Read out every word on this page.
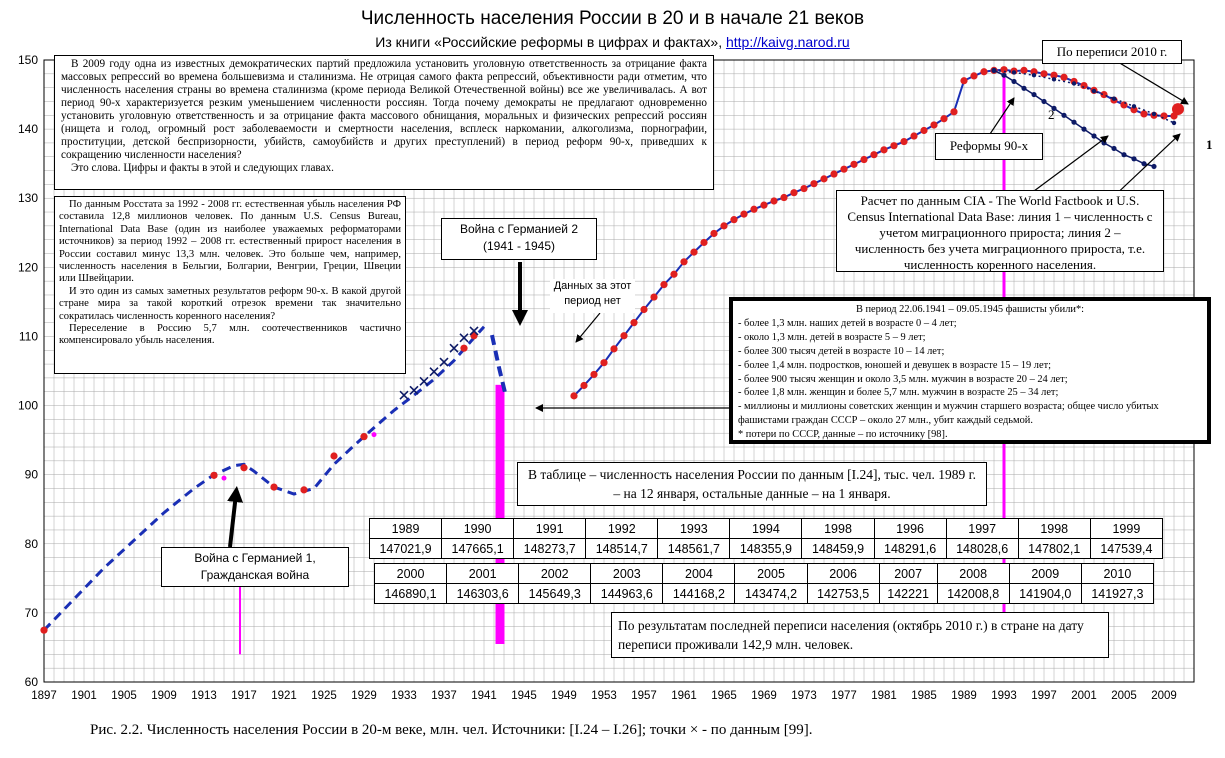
60
70
80
90
100
110
120
130
140
150
1897 1901 1905 1909 1913 1917 1921 1925 1929 1933 1937 1941 1945 1949 1953 1957 1961 1965 1969 1973 1977 1981 1985 1989 1993 1997 2001 2005 2009
Численность населения России в 20 и в начале 21 веков
Из книги «Российские реформы в цифрах и фактах», http://kaivg.narod.ru

В 2009 году одна из известных демократических партий предложила установить уголовную ответственность за отрицание факта массовых репрессий во времена большевизма и сталинизма. Не отрицая самого факта репрессий, объективности ради отметим, что численность населения страны во времена сталинизма (кроме периода Великой Отечественной войны) все же увеличивалась. А вот период 90-х характеризуется резким уменьшением численности россиян. Тогда почему демократы не предлагают одновременно установить уголовную ответственность и за отрицание факта массового обнищания, моральных и физических репрессий россиян (нищета и голод, огромный рост заболеваемости и смертности населения, всплеск наркомании, алкоголизма, порнографии, проституции, детской беспризорности, убийств, самоубийств и других преступлений) в период реформ 90-х, приведших к сокращению численности населения?

Это слова. Цифры и факты в этой и следующих главах.

По данным Росстата за 1992 - 2008 гг. естественная убыль населения РФ составила 12,8 миллионов человек. По данным U.S. Census Bureau, International Data Base (один из наиболее уважаемых реформаторами источников) за период 1992 – 2008 гг. естественный прирост населения в России составил минус 13,3 млн. человек. Это больше чем, например, численность населения в Бельгии, Болгарии, Венгрии, Греции, Швеции или Швейцарии.

И это один из самых заметных результатов реформ 90-х. В какой другой стране мира за такой короткий отрезок времени так значительно сократилась численность коренного населения?

Переселение в Россию 5,7 млн. соотечественников частично компенсировало убыль населения.

Война с Германией 2
(1941 - 1945)
Данных за этот
период нет
Война с Германией 1,
Гражданская война
Реформы 90-х
По переписи 2010 г.
Расчет по данным CIA - The World Factbook и U.S. Census International Data Base: линия 1 – численность с учетом миграционного прироста; линия 2 – численность без учета миграционного прироста, т.е. численность коренного населения.
2
1
В период 22.06.1941 – 09.05.1945 фашисты убили*:
- более 1,3 млн. наших детей в возрасте 0 – 4 лет;
- около 1,3 млн. детей в возрасте 5 – 9 лет;
- более 300 тысяч детей в возрасте 10 – 14 лет;
- более 1,4 млн. подростков, юношей и девушек в возрасте 15 – 19 лет;
- более 900 тысяч женщин и около 3,5 млн. мужчин в возрасте 20 – 24 лет;
- более 1,8 млн. женщин и более 5,7 млн. мужчин в возрасте 25 – 34 лет;
- миллионы и миллионы советских женщин и мужчин старшего возраста; общее число убитых фашистами граждан СССР – около 27 млн., убит каждый седьмой.
* потери по СССР, данные – по источнику [98].
В таблице – численность населения России по данным [I.24], тыс. чел. 1989 г. – на 12 января, остальные данные – на 1 января.
1989	1990	1991	1992	1993	1994	1998	1996	1997	1998	1999
147021,9	147665,1	148273,7	148514,7	148561,7	148355,9	148459,9	148291,6	148028,6	147802,1	147539,4
2000	2001	2002	2003	2004	2005	2006	2007	2008	2009	2010
146890,1	146303,6	145649,3	144963,6	144168,2	143474,2	142753,5	142221	142008,8	141904,0	141927,3
По результатам последней переписи населения (октябрь 2010 г.) в стране на дату переписи проживали 142,9 млн. человек.
Рис. 2.2. Численность населения России в 20-м веке, млн. чел. Источники: [I.24 – I.26]; точки × - по данным [99].
